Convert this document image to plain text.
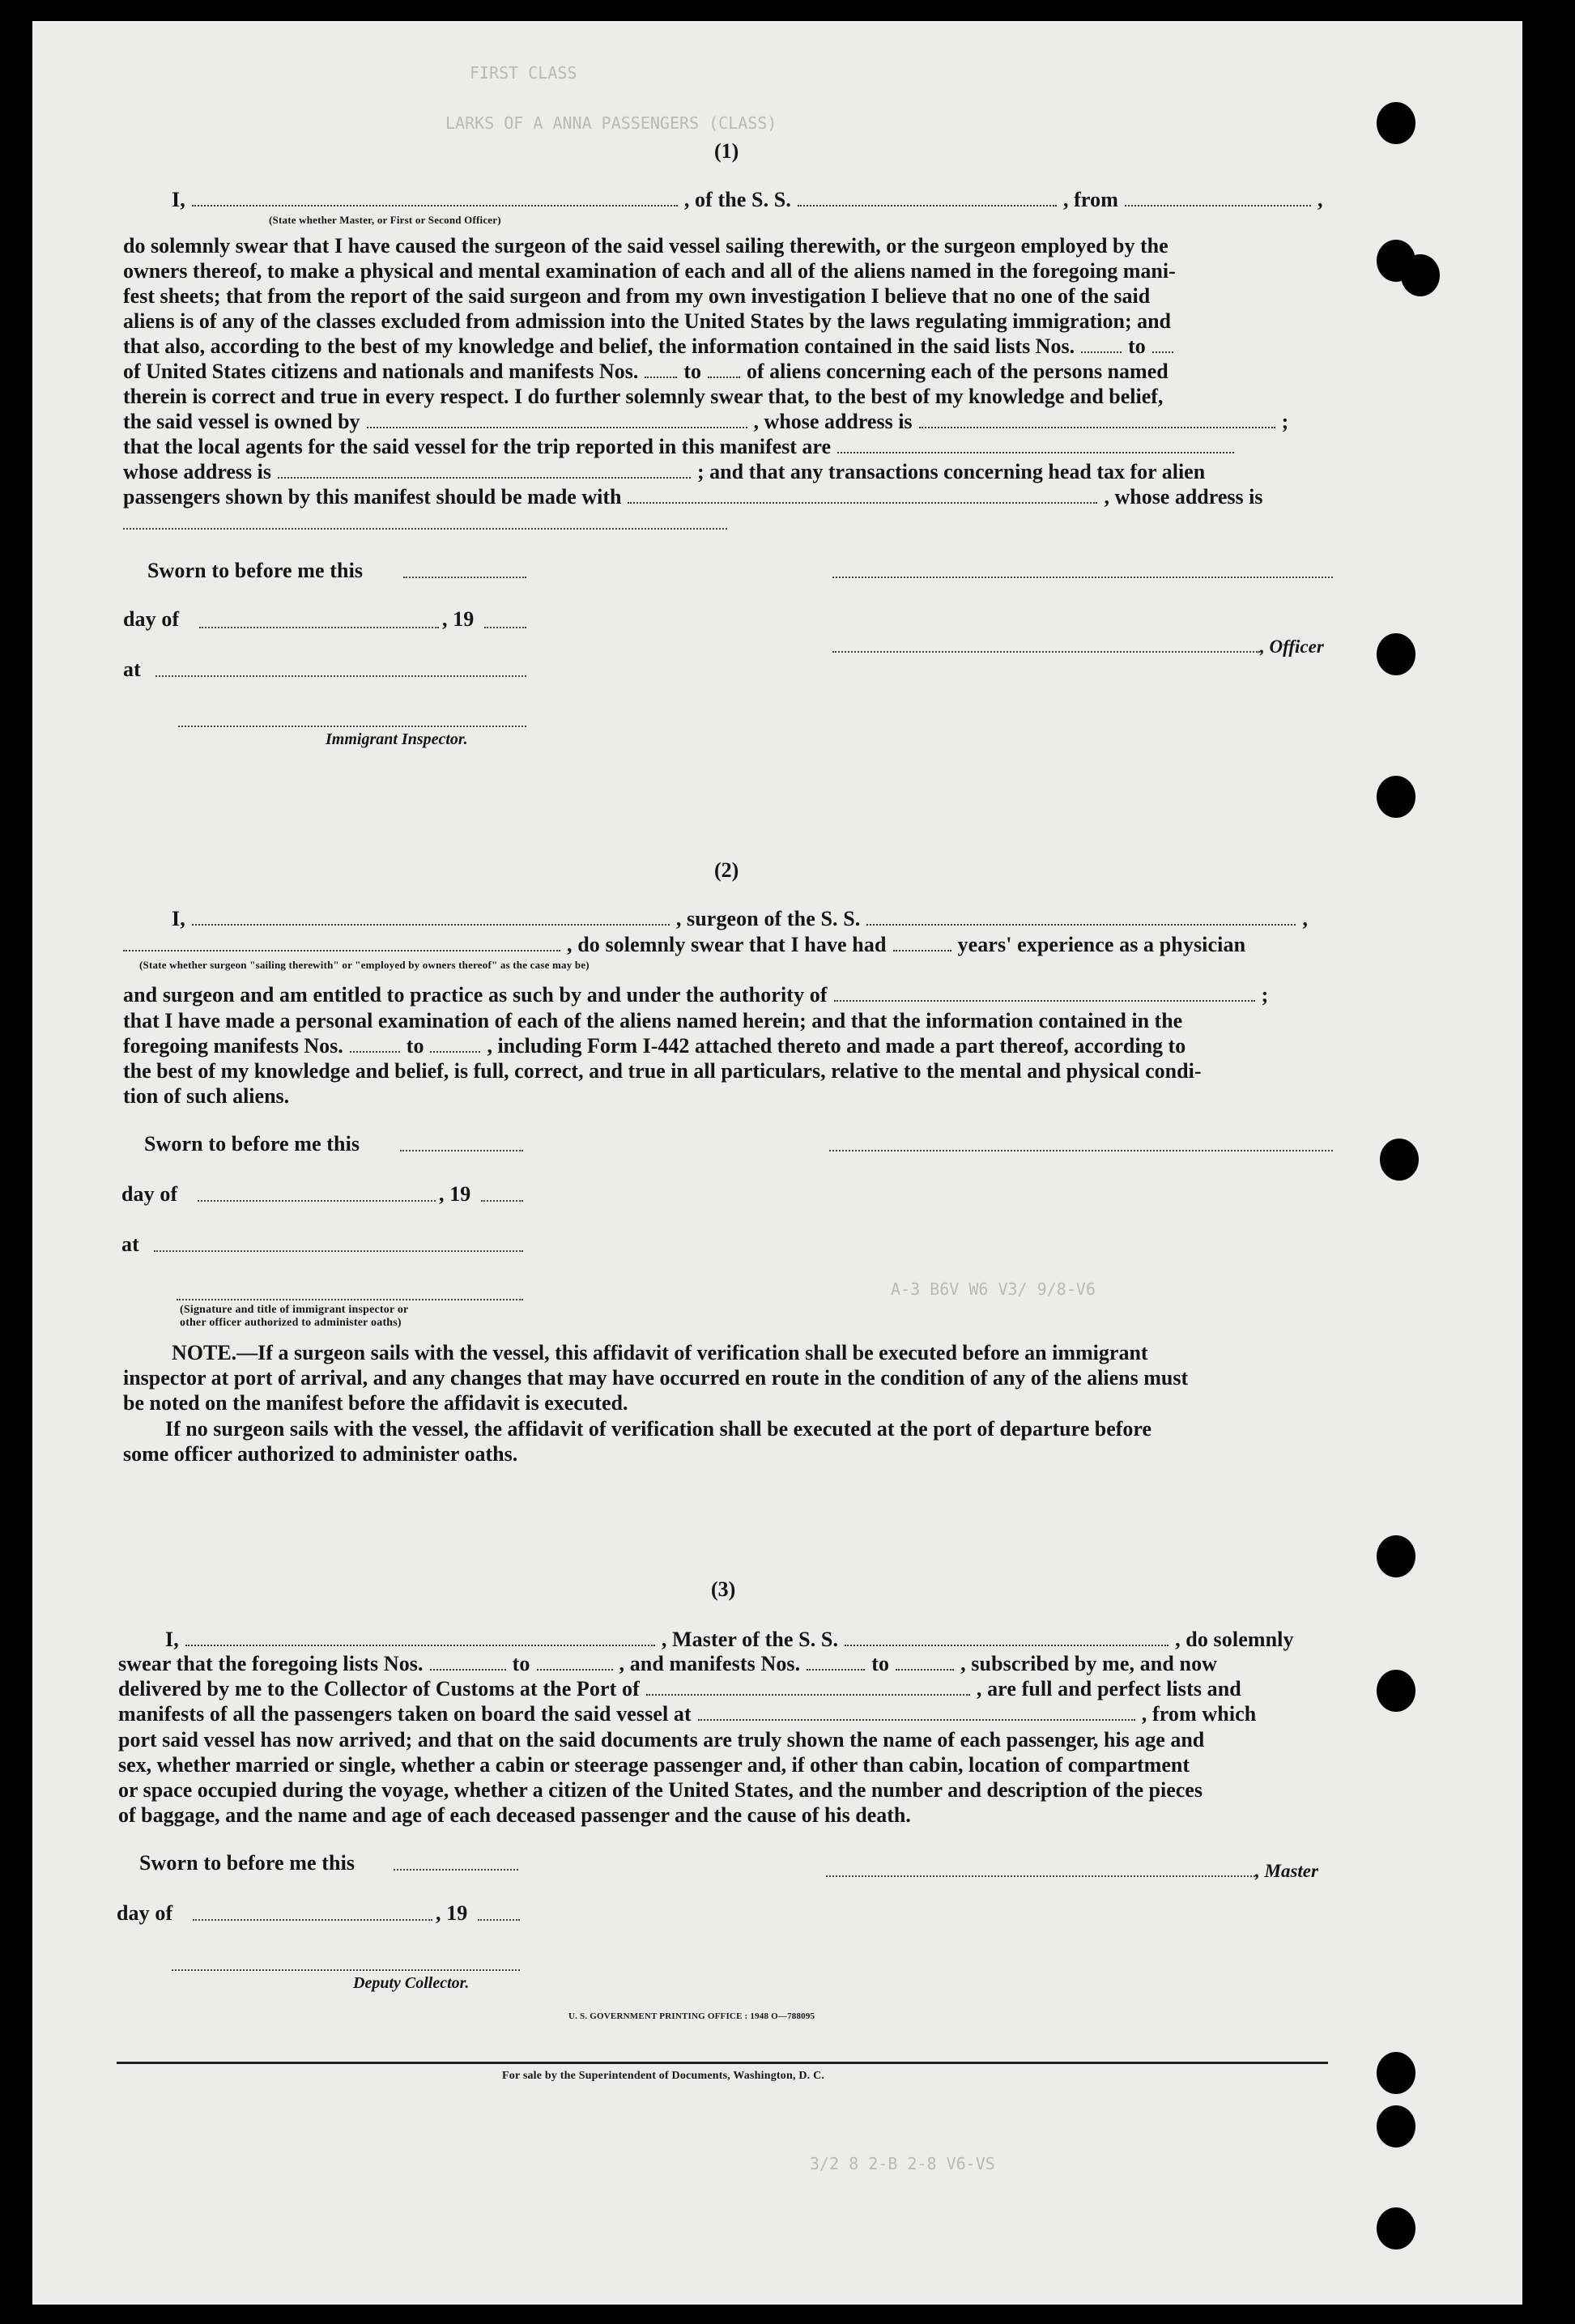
FIRST CLASS
LARKS OF A ANNA PASSENGERS (CLASS)
A-3 B6V W6 V3/ 9/8-V6
3/2 8 2-B 2-8 V6-VS
(1)
I,	, of the S. S.	, from	,
(State whether Master, or First or Second Officer)
do solemnly swear that I have caused the surgeon of the said vessel sailing therewith, or the surgeon employed by the
owners thereof, to make a physical and mental examination of each and all of the aliens named in the foregoing mani-
fest sheets; that from the report of the said surgeon and from my own investigation I believe that no one of the said
aliens is of any of the classes excluded from admission into the United States by the laws regulating immigration; and
that also, according to the best of my knowledge and belief, the information contained in the said lists Nos.	to
of United States citizens and nationals and manifests Nos. to of aliens concerning each of the persons named
therein is correct and true in every respect. I do further solemnly swear that, to the best of my knowledge and belief,
the said vessel is owned by	, whose address is	;
that the local agents for the said vessel for the trip reported in this manifest are
whose address is	; and that any transactions concerning head tax for alien
passengers shown by this manifest should be made with	, whose address is
Sworn to before me this
day of	, 19
, Officer
at
Immigrant Inspector.
(2)
I,	, surgeon of the S. S.	,
, do solemnly swear that I have had	years' experience as a physician
(State whether surgeon "sailing therewith" or "employed by owners thereof" as the case may be)
and surgeon and am entitled to practice as such by and under the authority of	;
that I have made a personal examination of each of the aliens named herein; and that the information contained in the
foregoing manifests Nos.	to	, including Form I-442 attached thereto and made a part thereof, according to
the best of my knowledge and belief, is full, correct, and true in all particulars, relative to the mental and physical condi-
tion of such aliens.
Sworn to before me this
day of	, 19
at
(Signature and title of immigrant inspector or
other officer authorized to administer oaths)
NOTE.—If a surgeon sails with the vessel, this affidavit of verification shall be executed before an immigrant
inspector at port of arrival, and any changes that may have occurred en route in the condition of any of the aliens must
be noted on the manifest before the affidavit is executed.
If no surgeon sails with the vessel, the affidavit of verification shall be executed at the port of departure before
some officer authorized to administer oaths.
(3)
I,	, Master of the S. S.	, do solemnly
swear that the foregoing lists Nos.	to	, and manifests Nos.	to	, subscribed by me, and now
delivered by me to the Collector of Customs at the Port of	, are full and perfect lists and
manifests of all the passengers taken on board the said vessel at	, from which
port said vessel has now arrived; and that on the said documents are truly shown the name of each passenger, his age and
sex, whether married or single, whether a cabin or steerage passenger and, if other than cabin, location of compartment
or space occupied during the voyage, whether a citizen of the United States, and the number and description of the pieces
of baggage, and the name and age of each deceased passenger and the cause of his death.
Sworn to before me this	, Master
day of	, 19
Deputy Collector.
U. S. GOVERNMENT PRINTING OFFICE : 1948 O—788095
For sale by the Superintendent of Documents, Washington, D. C.
